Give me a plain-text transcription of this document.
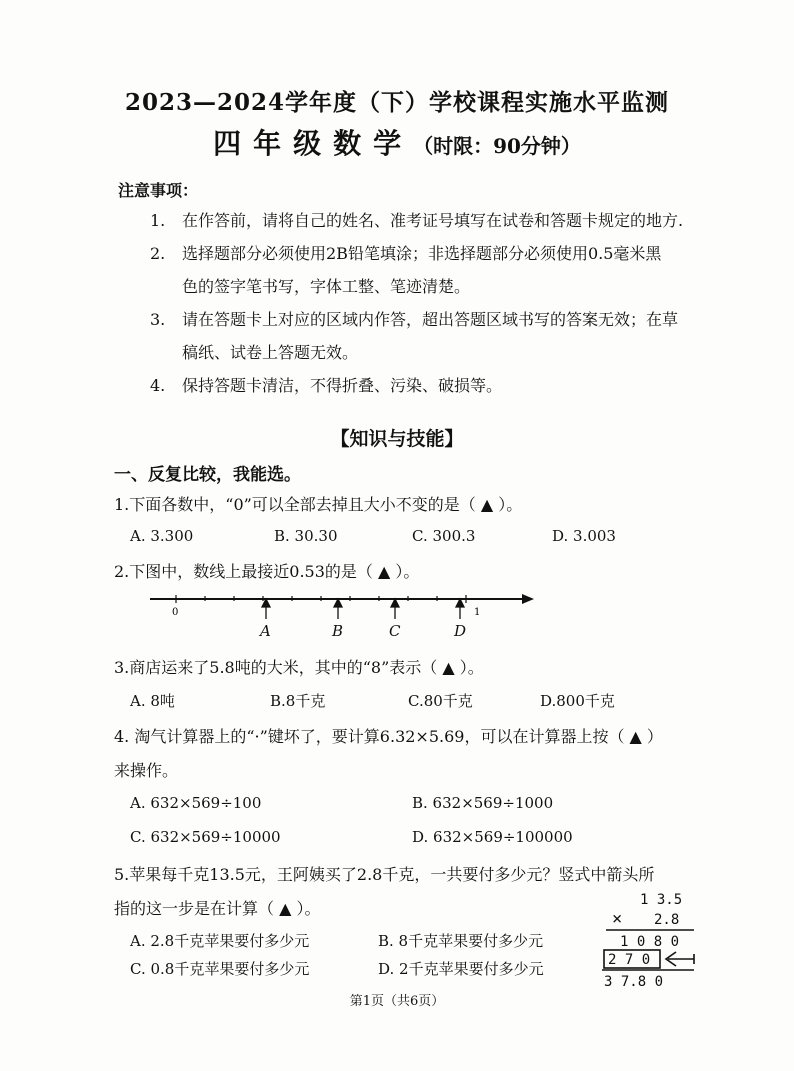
2023—2024学年度（下）学校课程实施水平监测
四年级数学（时限：90分钟）
注意事项：
1. 在作答前，请将自己的姓名、准考证号填写在试卷和答题卡规定的地方.
2. 选择题部分必须使用2B铅笔填涂；非选择题部分必须使用0.5毫米黑
色的签字笔书写，字体工整、笔迹清楚。
3. 请在答题卡上对应的区域内作答，超出答题区域书写的答案无效；在草
稿纸、试卷上答题无效。
4. 保持答题卡清洁，不得折叠、污染、破损等。
【知识与技能】
一、反复比较，我能选。
1.下面各数中，“0”可以全部去掉且大小不变的是（ ▲ ）。
A. 3.300	B. 30.30	C. 300.3	D. 3.003
2.下图中，数线上最接近0.53的是（ ▲ ）。
0	1
A	B	C	D
3.商店运来了5.8吨的大米，其中的“8”表示（ ▲ ）。
A. 8吨	B.8千克	C.80千克	D.800千克
4. 淘气计算器上的“·”键坏了，要计算6.32×5.69，可以在计算器上按（ ▲ ）
来操作。
A. 632×569÷100	B. 632×569÷1000
C. 632×569÷10000	D. 632×569÷100000
5.苹果每千克13.5元，王阿姨买了2.8千克，一共要付多少元？竖式中箭头所
指的这一步是在计算（ ▲ ）。
A. 2.8千克苹果要付多少元	B. 8千克苹果要付多少元
C. 0.8千克苹果要付多少元	D. 2千克苹果要付多少元
1 3.5
× 2.8
1 0 8 0
2 7 0
3 7.8 0
第1页（共6页）
